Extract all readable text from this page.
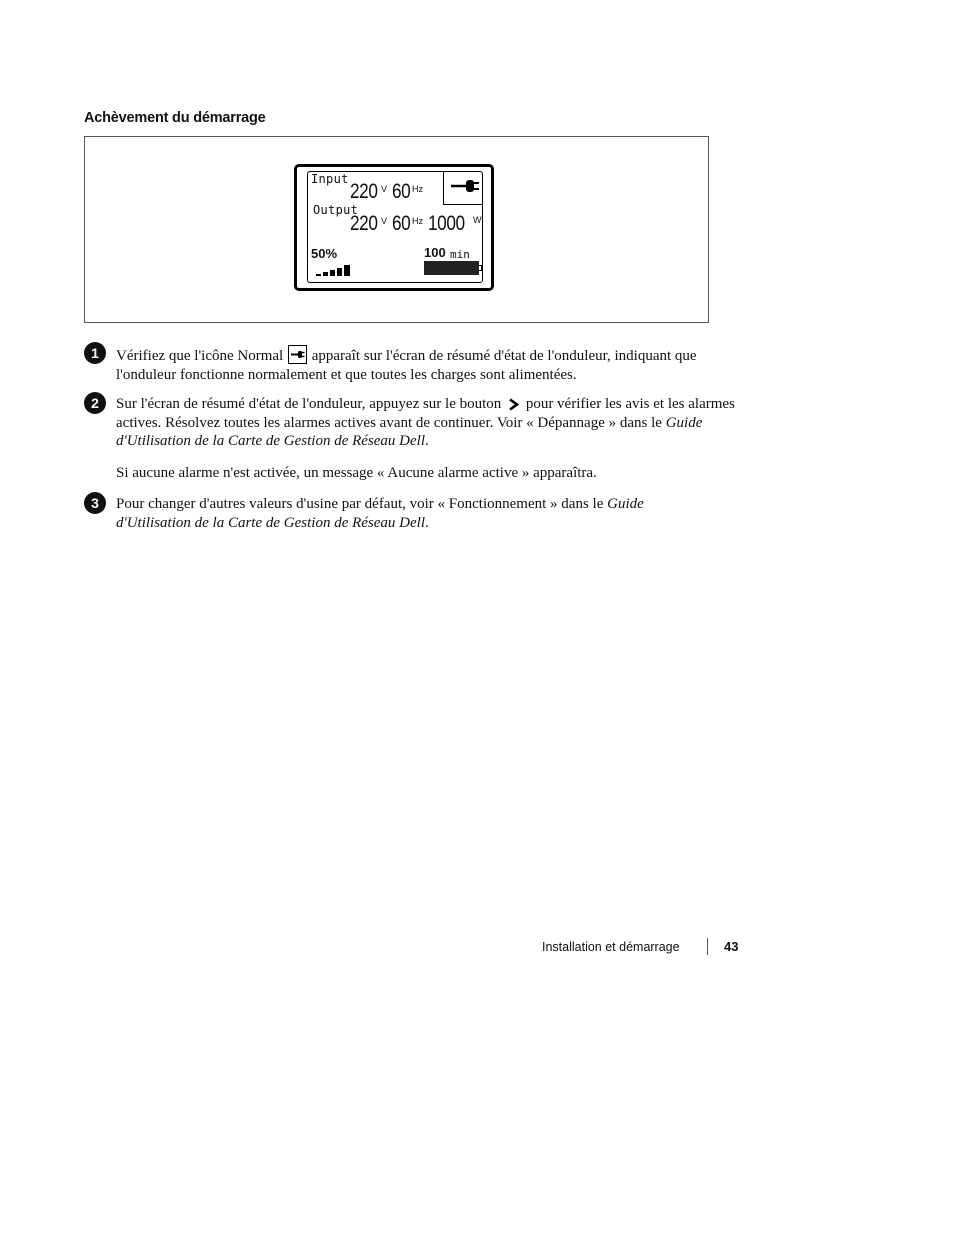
Achèvement du démarrage
Input
220 V 60 Hz
Output
220 V 60 Hz 1000 W
50%	100 min
1	Vérifiez que l'icône Normal apparaît sur l'écran de résumé d'état de l'onduleur, indiquant que l'onduleur fonctionne normalement et que toutes les charges sont alimentées.
2	Sur l'écran de résumé d'état de l'onduleur, appuyez sur le bouton pour vérifier les avis et les alarmes actives. Résolvez toutes les alarmes actives avant de continuer. Voir « Dépannage » dans le Guide d'Utilisation de la Carte de Gestion de Réseau Dell.
Si aucune alarme n'est activée, un message « Aucune alarme active » apparaîtra.
3	Pour changer d'autres valeurs d'usine par défaut, voir « Fonctionnement » dans le Guide d'Utilisation de la Carte de Gestion de Réseau Dell.
Installation et démarrage	43
